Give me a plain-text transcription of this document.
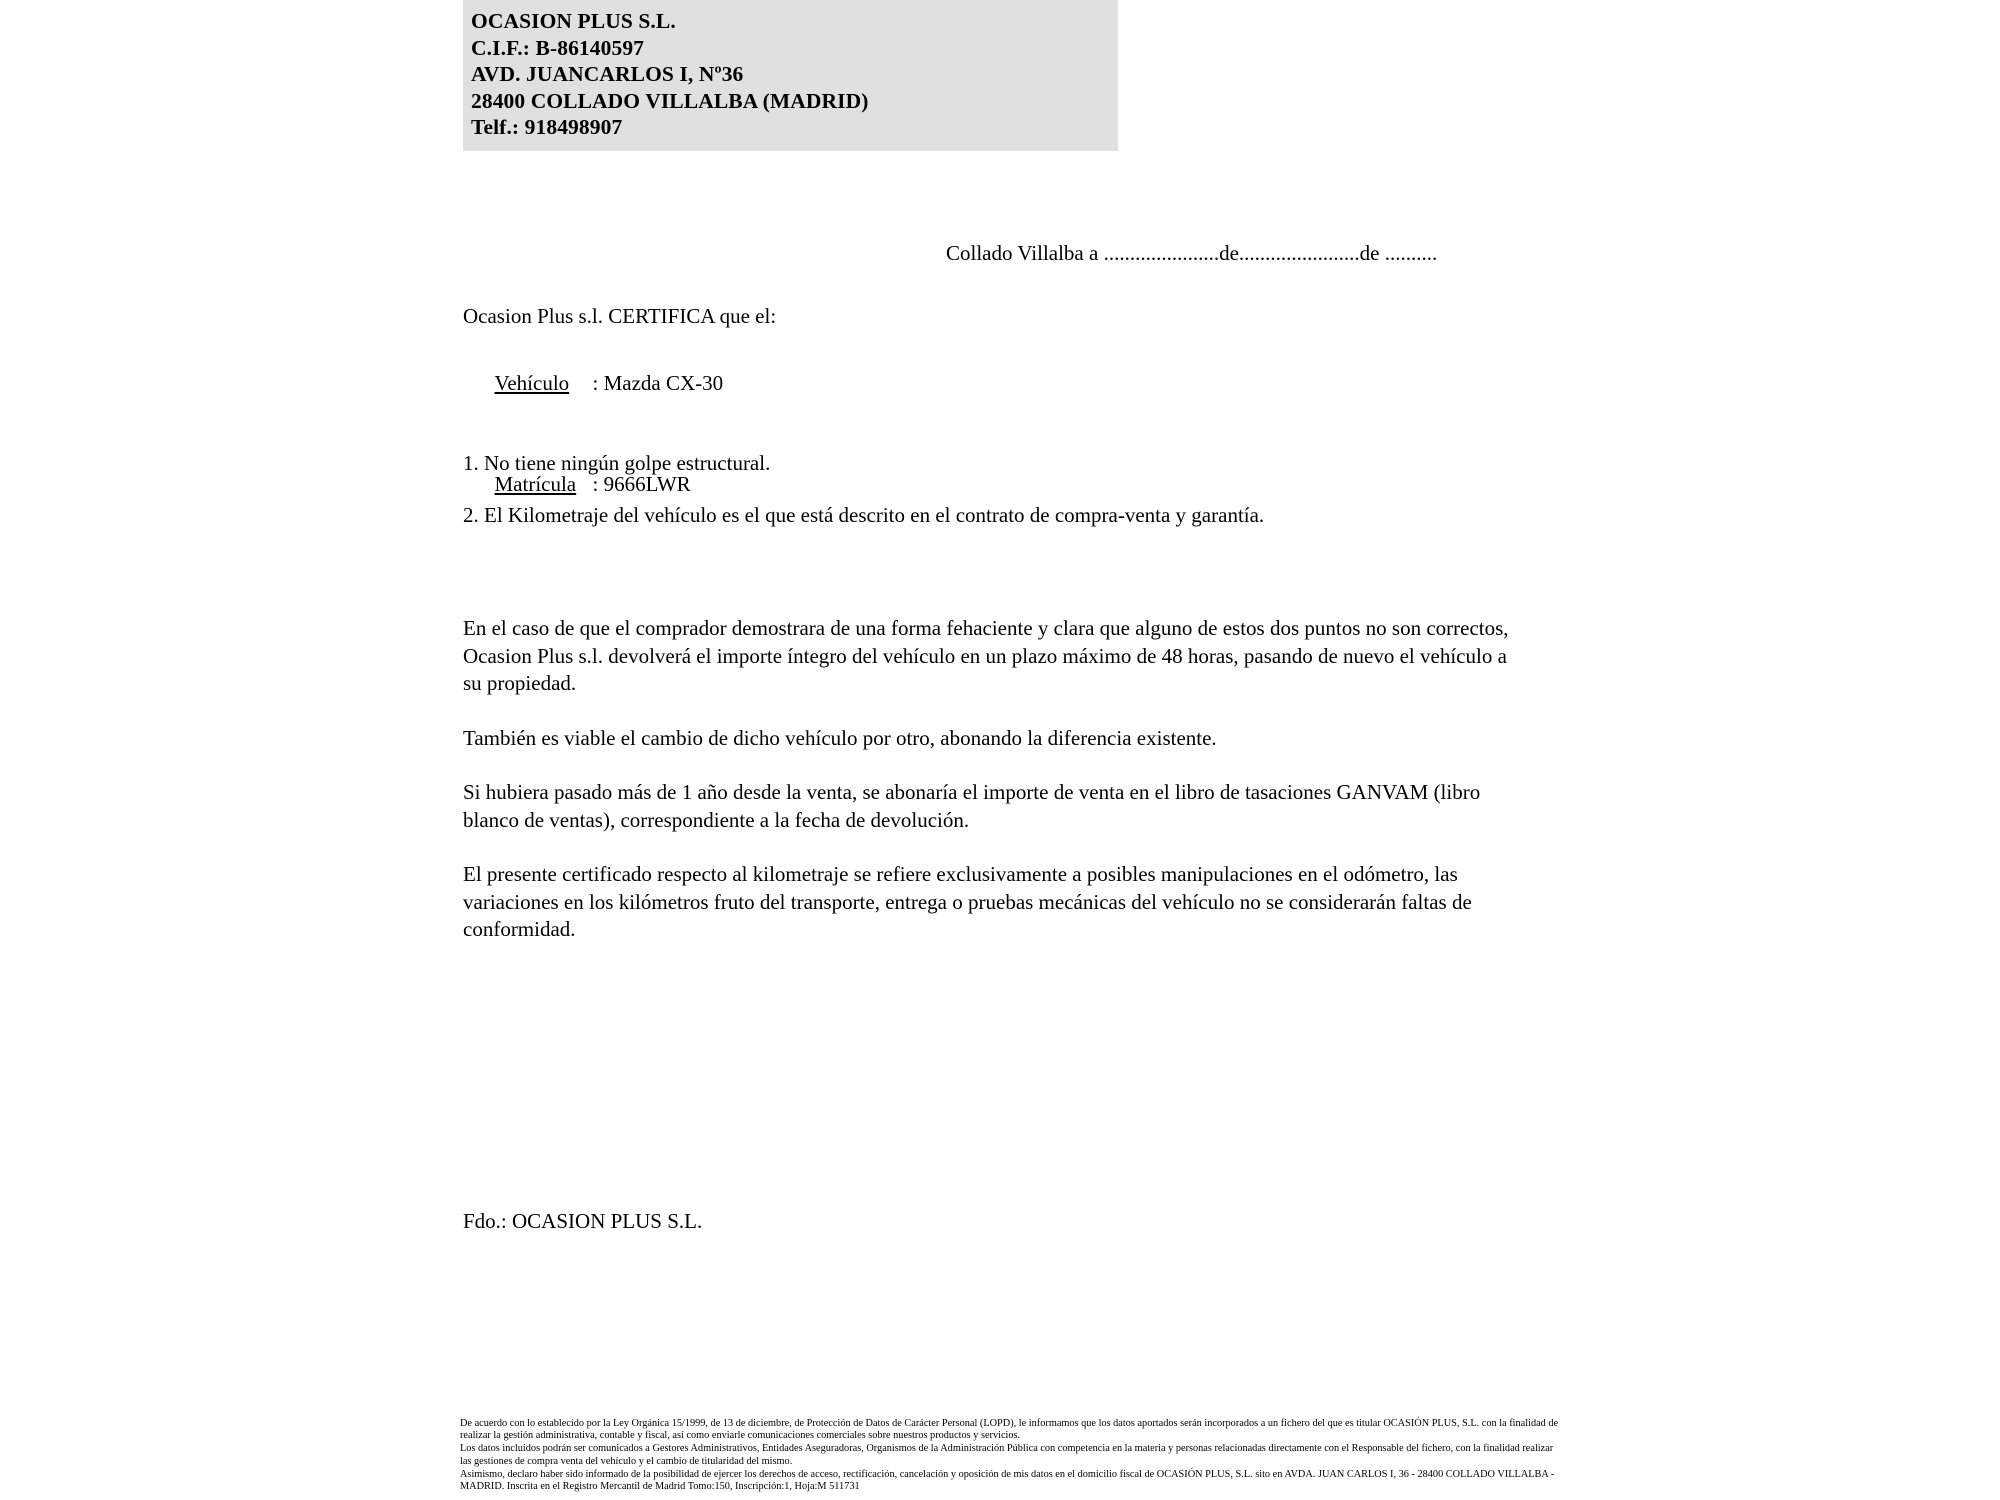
OCASION PLUS S.L.
C.I.F.: B-86140597
AVD. JUANCARLOS I, Nº36
28400 COLLADO VILLALBA (MADRID)
Telf.: 918498907
Collado Villalba a ......................de.......................de ..........
Ocasion Plus s.l. CERTIFICA que el:

Vehículo : Mazda CX-30

Matrícula : 9666LWR

1. No tiene ningún golpe estructural.
2. El Kilometraje del vehículo es el que está descrito en el contrato de compra-venta y garantía.

En el caso de que el comprador demostrara de una forma fehaciente y clara que alguno de estos dos puntos no son correctos, Ocasion Plus s.l. devolverá el importe íntegro del vehículo en un plazo máximo de 48 horas, pasando de nuevo el vehículo a su propiedad.

También es viable el cambio de dicho vehículo por otro, abonando la diferencia existente.

Si hubiera pasado más de 1 año desde la venta, se abonaría el importe de venta en el libro de tasaciones GANVAM (libro blanco de ventas), correspondiente a la fecha de devolución.

El presente certificado respecto al kilometraje se refiere exclusivamente a posibles manipulaciones en el odómetro, las variaciones en los kilómetros fruto del transporte, entrega o pruebas mecánicas del vehículo no se considerarán faltas de conformidad.

Fdo.: OCASION PLUS S.L.

De acuerdo con lo establecido por la Ley Orgánica 15/1999, de 13 de diciembre, de Protección de Datos de Carácter Personal (LOPD), le informamos que los datos aportados serán incorporados a un fichero del que es titular OCASIÓN PLUS, S.L. con la finalidad de realizar la gestión administrativa, contable y fiscal, así como enviarle comunicaciones comerciales sobre nuestros productos y servicios.

Los datos incluidos podrán ser comunicados a Gestores Administrativos, Entidades Aseguradoras, Organismos de la Administración Pública con competencia en la materia y personas relacionadas directamente con el Responsable del fichero, con la finalidad realizar las gestiones de compra venta del vehículo y el cambio de titularidad del mismo.

Asimismo, declaro haber sido informado de la posibilidad de ejercer los derechos de acceso, rectificación, cancelación y oposición de mis datos en el domicilio fiscal de OCASIÓN PLUS, S.L. sito en AVDA. JUAN CARLOS I, 36 - 28400 COLLADO VILLALBA - MADRID. Inscrita en el Registro Mercantil de Madrid Tomo:150, Inscripción:1, Hoja:M 511731
